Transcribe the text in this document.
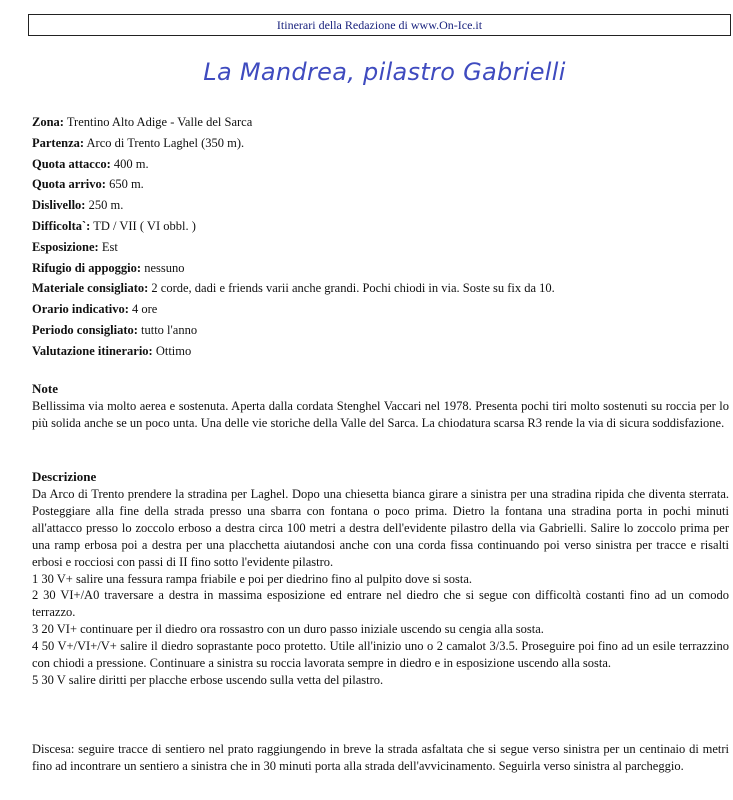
Itinerari della Redazione di www.On-Ice.it
La Mandrea, pilastro Gabrielli
Zona: Trentino Alto Adige - Valle del Sarca
Partenza: Arco di Trento Laghel (350 m).
Quota attacco: 400 m.
Quota arrivo: 650 m.
Dislivello: 250 m.
Difficolta`: TD / VII ( VI obbl. )
Esposizione: Est
Rifugio di appoggio: nessuno
Materiale consigliato: 2 corde, dadi e friends varii anche grandi. Pochi chiodi in via. Soste su fix da 10.
Orario indicativo: 4 ore
Periodo consigliato: tutto l'anno
Valutazione itinerario: Ottimo
Note

Bellissima via molto aerea e sostenuta. Aperta dalla cordata Stenghel Vaccari nel 1978. Presenta pochi tiri molto sostenuti su roccia per lo più solida anche se un poco unta. Una delle vie storiche della Valle del Sarca. La chiodatura scarsa R3 rende la via di sicura soddisfazione.

Descrizione

Da Arco di Trento prendere la stradina per Laghel. Dopo una chiesetta bianca girare a sinistra per una stradina ripida che diventa sterrata. Posteggiare alla fine della strada presso una sbarra con fontana o poco prima. Dietro la fontana una stradina porta in pochi minuti all'attacco presso lo zoccolo erboso a destra circa 100 metri a destra dell'evidente pilastro della via Gabrielli. Salire lo zoccolo prima per una ramp erbosa poi a destra per una placchetta aiutandosi anche con una corda fissa continuando poi verso sinistra per tracce e risalti erbosi e rocciosi con passi di II fino sotto l'evidente pilastro.

1 30 V+ salire una fessura rampa friabile e poi per diedrino fino al pulpito dove si sosta.

2 30 VI+/A0 traversare a destra in massima esposizione ed entrare nel diedro che si segue con difficoltà costanti fino ad un comodo terrazzo.

3 20 VI+ continuare per il diedro ora rossastro con un duro passo iniziale uscendo su cengia alla sosta.

4 50 V+/VI+/V+ salire il diedro soprastante poco protetto. Utile all'inizio uno o 2 camalot 3/3.5. Proseguire poi fino ad un esile terrazzino con chiodi a pressione. Continuare a sinistra su roccia lavorata sempre in diedro e in esposizione uscendo alla sosta.

5 30 V salire diritti per placche erbose uscendo sulla vetta del pilastro.

Discesa: seguire tracce di sentiero nel prato raggiungendo in breve la strada asfaltata che si segue verso sinistra per un centinaio di metri fino ad incontrare un sentiero a sinistra che in 30 minuti porta alla strada dell'avvicinamento. Seguirla verso sinistra al parcheggio.
